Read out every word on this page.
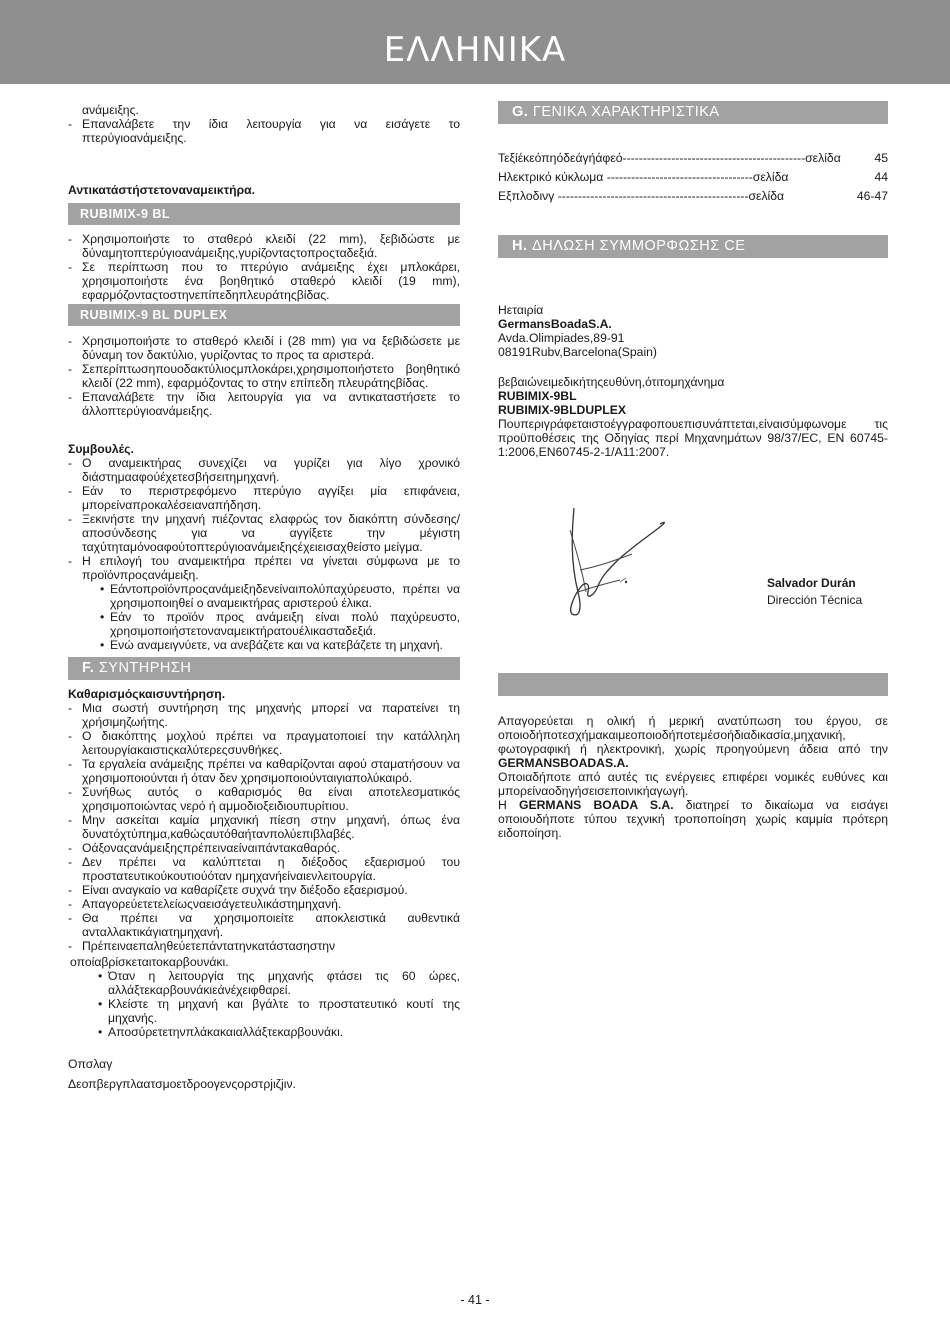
ΕΛΛΗΝΙΚΑ

ανάμειξης.

- Επαναλάβετε την ίδια λειτουργία για να εισάγετε το πτερύγιοανάμειξης.

Αντικατάστήστετοναναμεικτήρα.

RUBIMIX-9 BL

- Χρησιμοποιήστε το σταθερό κλειδί (22 mm), ξεβιδώστε με δύναμητοπτερύγιοανάμειξης,γυρίζονταςτοπροςταδεξιά.

- Σε περίπτωση που το πτερύγιο ανάμειξης έχει μπλοκάρει, χρησιμοποιήστε ένα βοηθητικό σταθερό κλειδί (19 mm), εφαρμόζονταςτοστηνεπίπεδηπλευράτηςβίδας.

RUBIMIX-9 BL DUPLEX

- Χρησιμοποιήστε το σταθερό κλειδί i (28 mm) για να ξεβιδώσετε με δύναμη τον δακτύλιο, γυρίζοντας το προς τα αριστερά.

- Σεπερίπτωσηπουοδακτύλιοςμπλοκάρει,χρησιμοποιήστετο βοηθητικό κλειδί (22 mm), εφαρμόζοντας το στην επίπεδη πλευράτηςβίδας.

- Επαναλάβετε την ίδια λειτουργία για να αντικαταστήσετε το άλλοπτερύγιοανάμειξης.

Συμβουλές.

- Ο αναμεικτήρας συνεχίζει να γυρίζει για λίγο χρονικό διάστημααφούέχετεσβήσειτημηχανή.

- Εάν το περιστρεφόμενο πτερύγιο αγγίξει μία επιφάνεια, μπορείναπροκαλέσειαναπήδηση.

- Ξεκινήστε την μηχανή πιέζοντας ελαφρώς τον διακόπτη σύνδεσης/αποσύνδεσης για να αγγίξετε την μέγιστη ταχύτηταμόνοαφούτοπτερύγιοανάμειξηςέχειεισαχθείστο μείγμα.

- Η επιλογή του αναμεικτήρα πρέπει να γίνεται σύμφωνα με το προϊόνπροςανάμειξη.

• Εάντοπροϊόνπροςανάμειξηδενείναιπολύπαχύρευστο, πρέπει να χρησιμοποιηθεί ο αναμεικτήρας αριστερού έλικα.

• Εάν το προϊόν προς ανάμειξη είναι πολύ παχύρευστο, χρησιμοποιήστετοναναμεικτήρατουέλικασταδεξιά.

• Ενώ αναμειγνύετε, να ανεβάζετε και να κατεβάζετε τη μηχανή.

F. ΣΥΝΤΗΡΗΣΗ

Καθαρισμόςκαισυντήρηση.

- Μια σωστή συντήρηση της μηχανής μπορεί να παρατείνει τη χρήσιμηζωήτης.

- Ο διακόπτης μοχλού πρέπει να πραγματοποιεί την κατάλληλη λειτουργίακαιστιςκαλύτερεςσυνθήκες.

- Τα εργαλεία ανάμειξης πρέπει να καθαρίζονται αφού σταματήσουν να χρησιμοποιούνται ή όταν δεν χρησιμοποιούνταιγιαπολύκαιρό.

- Συνήθως αυτός ο καθαρισμός θα είναι αποτελεσματικός χρησιμοποιώντας νερό ή αμμοδιοξειδιουπυρίτιου.

- Μην ασκείται καμία μηχανική πίεση στην μηχανή, όπως ένα δυνατόχτύπημα,καθώςαυτόθαήτανπολύεπιβλαβές.

- Οάξοναςανάμειξηςπρέπειναείναιπάντακαθαρός.

- Δεν πρέπει να καλύπτεται η διέξοδος εξαερισμού του προστατευτικούκουτιούόταν ημηχανήείναιενλειτουργία.

- Είναι αναγκαίο να καθαρίζετε συχνά την διέξοδο εξαερισμού.

- Απαγορεύετετελείωςναεισάγετευλικάστημηχανή.

- Θα πρέπει να χρησιμοποιείτε αποκλειστικά αυθεντικά ανταλλακτικάγιατημηχανή.

- Πρέπειναεπαληθεύετεπάντατηνκατάστασηστην

οποίαβρίσκεταιτοκαρβουνάκι.

• Όταν η λειτουργία της μηχανής φτάσει τις 60 ώρες, αλλάξτεκαρβουνάκιεάνέχειφθαρεί.

• Κλείστε τη μηχανή και βγάλτε το προστατευτικό κουτί της μηχανής.

• Αποσύρετετηνπλάκακαιαλλάξτεκαρβουνάκι.

Οπσλαγ

Δεοπβεργπλαατσμοετδροογενςορστρjιζjιν.

G. ΓΕΝΙΚΑ ΧΑΡΑΚΤΗΡΙΣΤΙΚΑ

Τεξίέκεόπηόδεάγήάφεό---------------------------------------------σελίδα	45

Ηλεκτρικό κύκλωμα ------------------------------------σελίδα	44

Εξπλοδινγ -----------------------------------------------σελίδα	46-47

H. ΔΗΛΩΣΗ ΣΥΜΜΟΡΦΩΣΗΣ CE

Ηεταιρία

GermansBoadaS.A.

Avda.Olimpiades,89-91

08191Rubv,Barcelona(Spain)

βεβαιώνειμεδικήτηςευθύνη,ότιτομηχάνημα

RUBIMIX-9BL

RUBIMIX-9BLDUPLEX

Πουπεριγράφεταιστοέγγραφοπουεπισυνάπτεται,είναισύμφωνομε τις προϋποθέσεις της Οδηγίας περί Μηχανημάτων 98/37/EC, EN 60745-1:2006,EN60745-2-1/A11:2007.

Απαγορεύεται η ολική ή μερική ανατύπωση του έργου, σε οποιοδήποτεσχήμακαιμεοποιοδήποτεμέσοήδιαδικασία,μηχανική, φωτογραφική ή ηλεκτρονική, χωρίς προηγούμενη άδεια από την GERMANSBOADAS.A.

Οποιαδήποτε από αυτές τις ενέργειες επιφέρει νομικές ευθύνες και μπορείναοδηγήσεισεποινικήαγωγή.

Η GERMANS BOADA S.A. διατηρεί το δικαίωμα να εισάγει οποιουδήποτε τύπου τεχνική τροποποίηση χωρίς καμμία πρότερη ειδοποίηση.

Salvador Durán
Dirección Técnica
- 41 -
